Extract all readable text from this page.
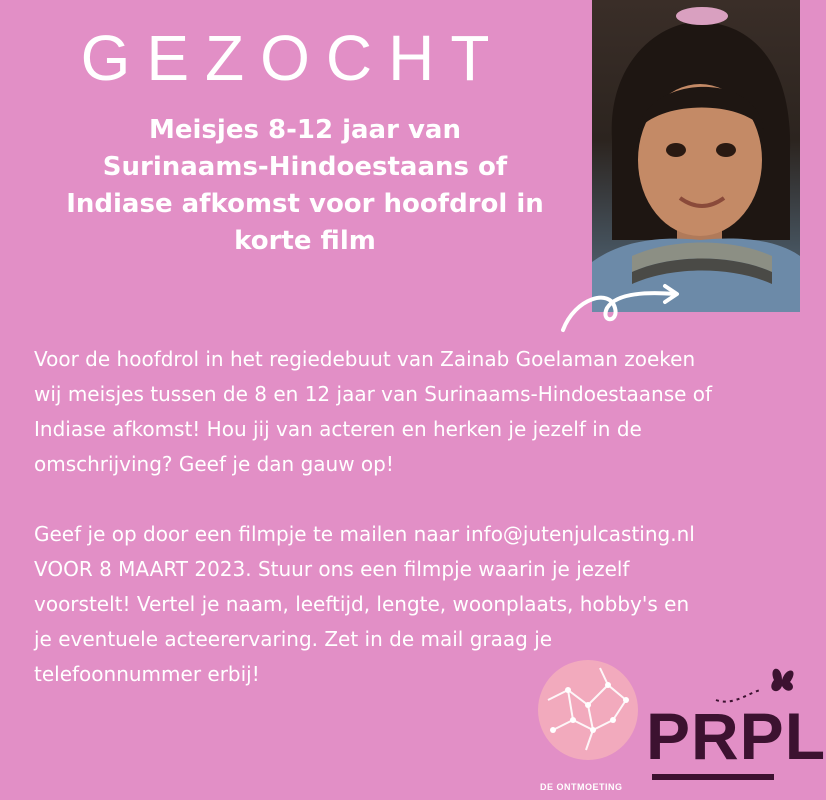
GEZOCHT
Meisjes 8-12 jaar van
Surinaams-Hindoestaans of
Indiase afkomst voor hoofdrol in
korte film

Voor de hoofdrol in het regiedebuut van Zainab Goelaman zoeken
wij meisjes tussen de 8 en 12 jaar van Surinaams-Hindoestaanse of
Indiase afkomst! Hou jij van acteren en herken je jezelf in de
omschrijving? Geef je dan gauw op!

Geef je op door een filmpje te mailen naar info@jutenjulcasting.nl
VOOR 8 MAART 2023. Stuur ons een filmpje waarin je jezelf
voorstelt! Vertel je naam, leeftijd, lengte, woonplaats, hobby's en
je eventuele acteerervaring. Zet in de mail graag je
telefoonnummer erbij!

DE ONTMOETING
PRPL
